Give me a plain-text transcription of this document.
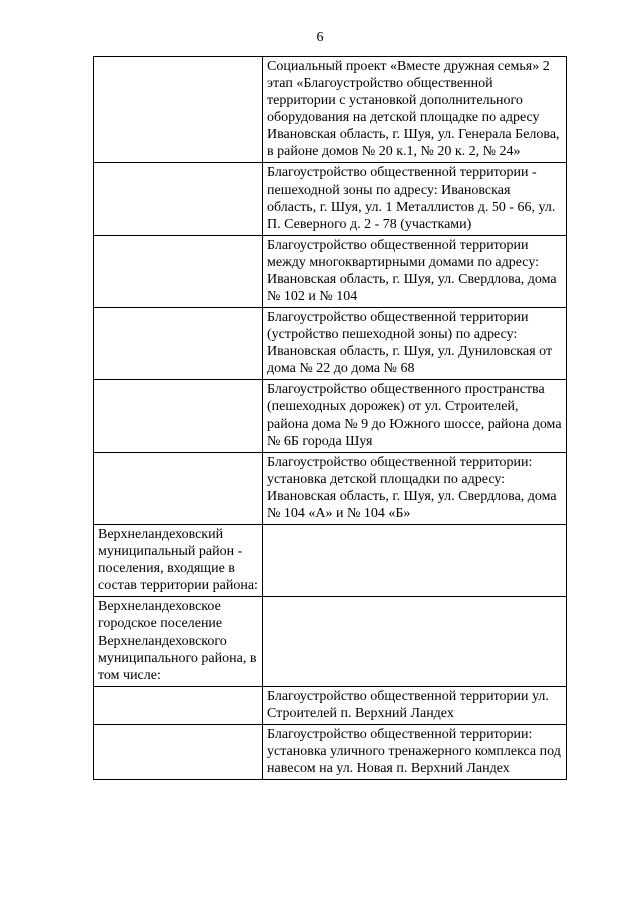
6
	Социальный проект «Вместе дружная семья» 2 этап «Благоустройство общественной территории с установкой дополнительного оборудования на детской площадке по адресу Ивановская область, г. Шуя, ул. Генерала Белова, в районе домов № 20 к.1, № 20 к. 2, № 24»
	Благоустройство общественной территории - пешеходной зоны по адресу: Ивановская область, г. Шуя, ул. 1 Металлистов д. 50 - 66, ул. П. Северного д. 2 - 78 (участками)
	Благоустройство общественной территории между многоквартирными домами по адресу: Ивановская область, г. Шуя, ул. Свердлова, дома № 102 и № 104
	Благоустройство общественной территории (устройство пешеходной зоны) по адресу: Ивановская область, г. Шуя, ул. Дуниловская от дома № 22 до дома № 68
	Благоустройство общественного пространства (пешеходных дорожек) от ул. Строителей, района дома № 9 до Южного шоссе, района дома № 6Б города Шуя
	Благоустройство общественной территории: установка детской площадки по адресу: Ивановская область, г. Шуя, ул. Свердлова, дома № 104 «А» и № 104 «Б»
Верхнеландеховский муниципальный район - поселения, входящие в состав территории района:	
Верхнеландеховское городское поселение Верхнеландеховского муниципального района, в том числе:	
	Благоустройство общественной территории ул. Строителей п. Верхний Ландех
	Благоустройство общественной территории: установка уличного тренажерного комплекса под навесом на ул. Новая п. Верхний Ландех
